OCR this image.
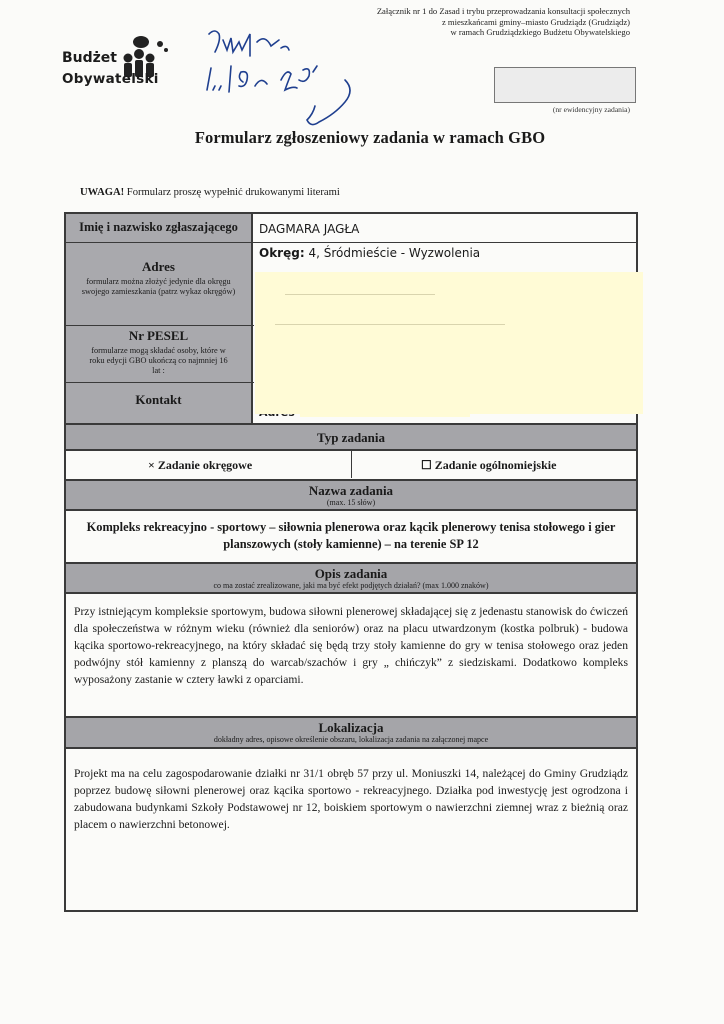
Załącznik nr 1 do Zasad i trybu przeprowadzania konsultacji społecznych
z mieszkańcami gminy–miasto Grudziądz (Grudziądz)
w ramach Grudziądzkiego Budżetu Obywatelskiego
Budżet
Obywatelski
(nr ewidencyjny zadania)
Formularz zgłoszeniowy zadania w ramach GBO
UWAGA! Formularz proszę wypełnić drukowanymi literami
Imię i nazwisko zgłaszającego
Adres
formularz można złożyć jedynie dla okręgu swojego zamieszkania (patrz wykaz okręgów)
Nr PESEL
formularze mogą składać osoby, które w roku edycji GBO ukończą co najmniej 16 lat :
Kontakt
DAGMARA JAGŁA
Okręg: 4, Śródmieście - Wyzwolenia
Typ zadania
× Zadanie okręgowe	☐ Zadanie ogólnomiejskie
Nazwa zadania
(max. 15 słów)
Kompleks rekreacyjno - sportowy – siłownia plenerowa oraz kącik plenerowy tenisa stołowego i gier planszowych (stoły kamienne) – na terenie SP 12
Opis zadania
co ma zostać zrealizowane, jaki ma być efekt podjętych działań? (max 1.000 znaków)
Przy istniejącym kompleksie sportowym, budowa siłowni plenerowej składającej się z jedenastu stanowisk do ćwiczeń dla społeczeństwa w różnym wieku (również dla seniorów) oraz na placu utwardzonym (kostka polbruk) - budowa kącika sportowo-rekreacyjnego, na który składać się będą trzy stoły kamienne do gry w tenisa stołowego oraz jeden podwójny stół kamienny z planszą do warcab/szachów i gry „ chińczyk” z siedziskami. Dodatkowo kompleks wyposażony zastanie w cztery ławki z oparciami.
Lokalizacja
dokładny adres, opisowe określenie obszaru, lokalizacja zadania na załączonej mapce
Projekt ma na celu zagospodarowanie działki nr 31/1 obręb 57 przy ul. Moniuszki 14, należącej do Gminy Grudziądz poprzez budowę siłowni plenerowej oraz kącika sportowo - rekreacyjnego. Działka pod inwestycję jest ogrodzona i zabudowana budynkami Szkoły Podstawowej nr 12, boiskiem sportowym o nawierzchni ziemnej wraz z bieżnią oraz placem o nawierzchni betonowej.
